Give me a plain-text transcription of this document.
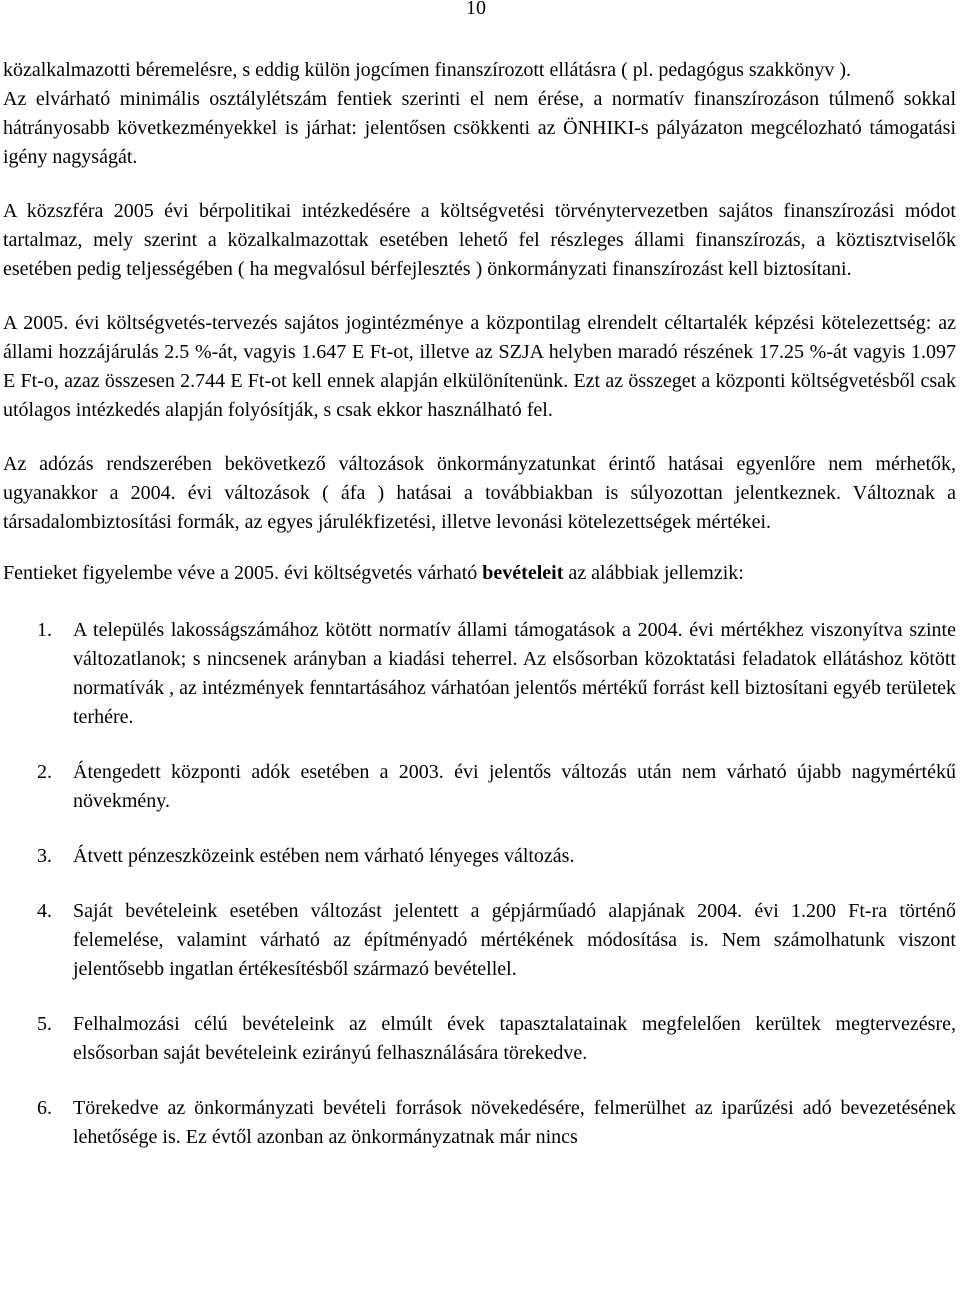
10

közalkalmazotti béremelésre, s eddig külön jogcímen finanszírozott ellátásra ( pl. pedagógus szakkönyv ).

Az elvárható minimális osztálylétszám fentiek szerinti el nem érése, a normatív finanszírozáson túlmenő sokkal hátrányosabb következményekkel is járhat: jelentősen csökkenti az ÖNHIKI-s pályázaton megcélozható támogatási igény nagyságát.

A közszféra 2005 évi bérpolitikai intézkedésére a költségvetési törvénytervezetben sajátos finanszírozási módot tartalmaz, mely szerint a közalkalmazottak esetében lehető fel részleges állami finanszírozás, a köztisztviselők esetében pedig teljességében ( ha megvalósul bérfejlesztés ) önkormányzati finanszírozást kell biztosítani.

A 2005. évi költségvetés-tervezés sajátos jogintézménye a központilag elrendelt céltartalék képzési kötelezettség: az állami hozzájárulás 2.5 %-át, vagyis 1.647 E Ft-ot, illetve az SZJA helyben maradó részének 17.25 %-át vagyis 1.097 E Ft-o, azaz összesen 2.744 E Ft-ot kell ennek alapján elkülönítenünk. Ezt az összeget a központi költségvetésből csak utólagos intézkedés alapján folyósítják, s csak ekkor használható fel.

Az adózás rendszerében bekövetkező változások önkormányzatunkat érintő hatásai egyenlőre nem mérhetők, ugyanakkor a 2004. évi változások ( áfa ) hatásai a továbbiakban is súlyozottan jelentkeznek. Változnak a társadalombiztosítási formák, az egyes járulékfizetési, illetve levonási kötelezettségek mértékei.

Fentieket figyelembe véve a 2005. évi költségvetés várható bevételeit az alábbiak jellemzik:

1. A település lakosságszámához kötött normatív állami támogatások a 2004. évi mértékhez viszonyítva szinte változatlanok; s nincsenek arányban a kiadási teherrel. Az elsősorban közoktatási feladatok ellátáshoz kötött normatívák , az intézmények fenntartásához várhatóan jelentős mértékű forrást kell biztosítani egyéb területek terhére.
2. Átengedett központi adók esetében a 2003. évi jelentős változás után nem várható újabb nagymértékű növekmény.
3. Átvett pénzeszközeink estében nem várható lényeges változás.
4. Saját bevételeink esetében változást jelentett a gépjárműadó alapjának 2004. évi 1.200 Ft-ra történő felemelése, valamint várható az építményadó mértékének módosítása is. Nem számolhatunk viszont jelentősebb ingatlan értékesítésből származó bevétellel.
5. Felhalmozási célú bevételeink az elmúlt évek tapasztalatainak megfelelően kerültek megtervezésre, elsősorban saját bevételeink ezirányú felhasználására törekedve.
6. Törekedve az önkormányzati bevételi források növekedésére, felmerülhet az iparűzési adó bevezetésének lehetősége is. Ez évtől azonban az önkormányzatnak már nincs
